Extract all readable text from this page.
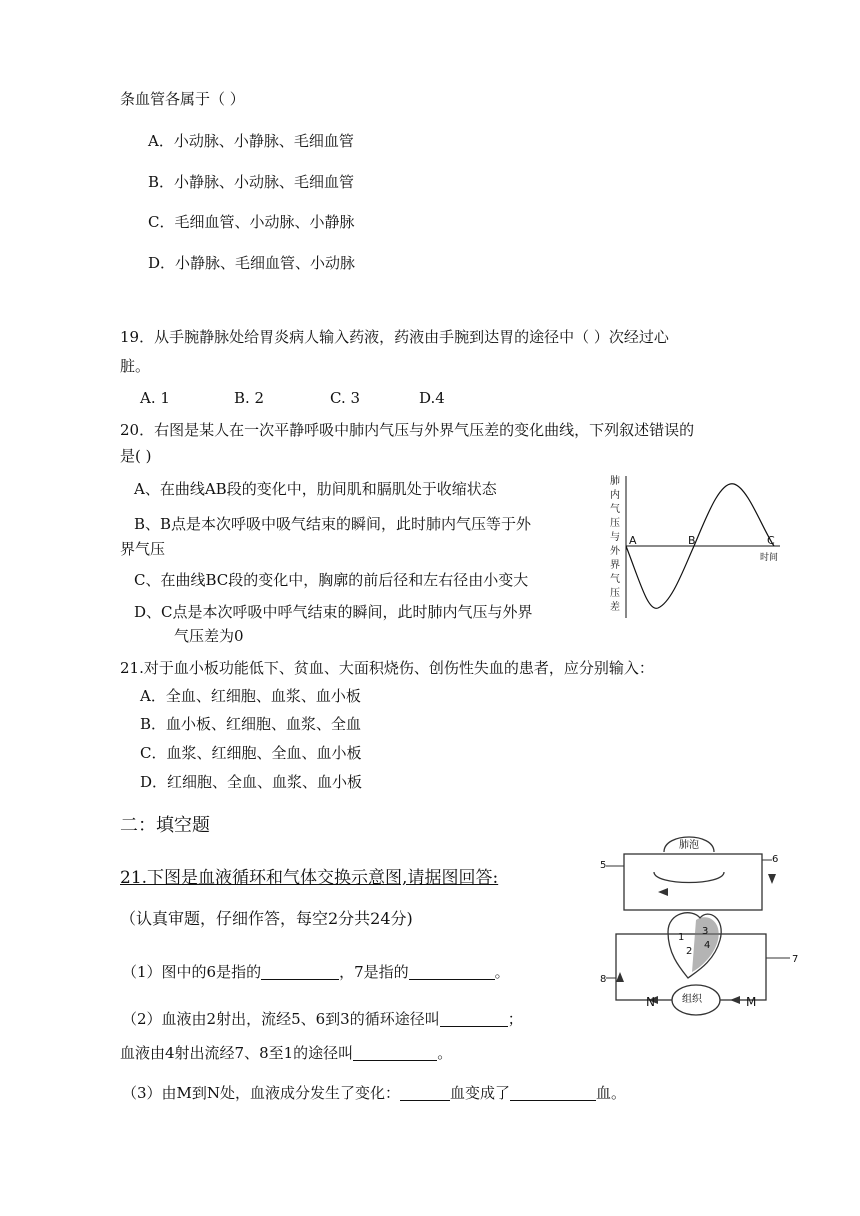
条血管各属于（ ）
A．小动脉、小静脉、毛细血管
B．小静脉、小动脉、毛细血管
C．毛细血管、小动脉、小静脉
D．小静脉、毛细血管、小动脉
19．从手腕静脉处给胃炎病人输入药液，药液由手腕到达胃的途径中（ ）次经过心
脏。
A. 1	B. 2	C. 3	D.4
20．右图是某人在一次平静呼吸中肺内气压与外界气压差的变化曲线，下列叙述错误的
是( )
A、在曲线AB段的变化中，肋间肌和膈肌处于收缩状态
B、B点是本次呼吸中吸气结束的瞬间，此时肺内气压等于外
界气压
C、在曲线BC段的变化中，胸廓的前后径和左右径由小变大
D、C点是本次呼吸中呼气结束的瞬间，此时肺内气压与外界
气压差为0
肺
内
气
压
与
外
界
气
压
差
A	B	C
时间
21.对于血小板功能低下、贫血、大面积烧伤、创伤性失血的患者，应分别输入：
A．全血、红细胞、血浆、血小板
B．血小板、红细胞、血浆、全血
C．血浆、红细胞、全血、血小板
D．红细胞、全血、血浆、血小板
二：填空题
21.下图是血液循环和气体交换示意图,请据图回答:
（认真审题，仔细作答，每空2分共24分)
（1）图中的6是指的	，7是指的	。
（2）血液由2射出，流经5、6到3的循环途径叫	；
血液由4射出流经7、8至1的途径叫	。
（3）由M到N处，血液成分发生了变化：	血变成了	血。
肺泡
组织
N	M
1
2
3
4
5
6
7
8
